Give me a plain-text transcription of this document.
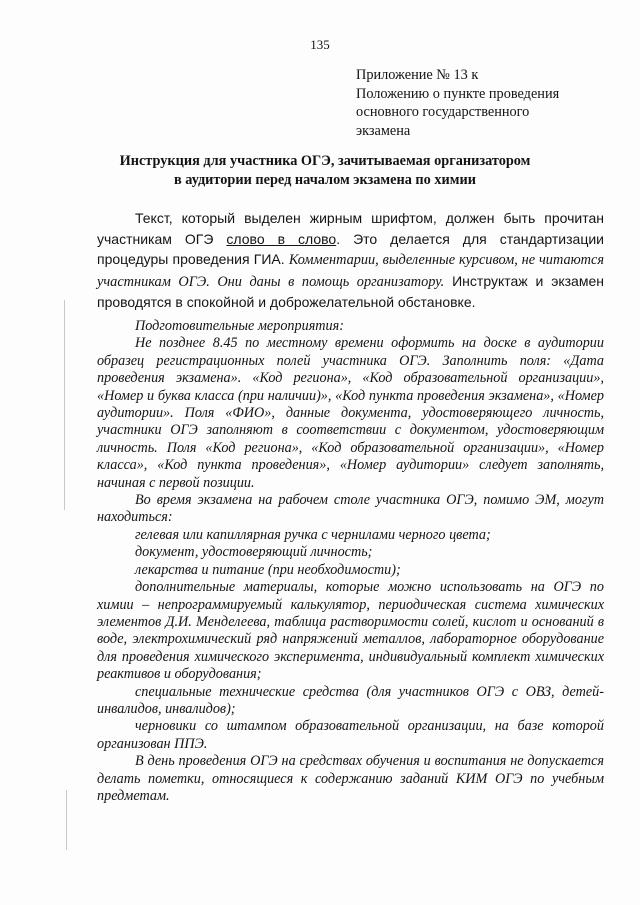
135
Приложение № 13 к
Положению о пункте проведения
основного государственного
экзамена
Инструкция для участника ОГЭ, зачитываемая организатором
в аудитории перед началом экзамена по химии
Текст, который выделен жирным шрифтом, должен быть прочитан участникам ОГЭ слово в слово. Это делается для стандартизации процедуры проведения ГИА. Комментарии, выделенные курсивом, не читаются участникам ОГЭ. Они даны в помощь организатору. Инструктаж и экзамен проводятся в спокойной и доброжелательной обстановке.

Подготовительные мероприятия:

Не позднее 8.45 по местному времени оформить на доске в аудитории образец регистрационных полей участника ОГЭ. Заполнить поля: «Дата проведения экзамена». «Код региона», «Код образовательной организации», «Номер и буква класса (при наличии)», «Код пункта проведения экзамена», «Номер аудитории». Поля «ФИО», данные документа, удостоверяющего личность, участники ОГЭ заполняют в соответствии с документом, удостоверяющим личность. Поля «Код региона», «Код образовательной организации», «Номер класса», «Код пункта проведения», «Номер аудитории» следует заполнять, начиная с первой позиции.

Во время экзамена на рабочем столе участника ОГЭ, помимо ЭМ, могут находиться:

гелевая или капиллярная ручка с чернилами черного цвета;

документ, удостоверяющий личность;

лекарства и питание (при необходимости);

дополнительные материалы, которые можно использовать на ОГЭ по химии – непрограммируемый калькулятор, периодическая система химических элементов Д.И. Менделеева, таблица растворимости солей, кислот и оснований в воде, электрохимический ряд напряжений металлов, лабораторное оборудование для проведения химического эксперимента, индивидуальный комплект химических реактивов и оборудования;

специальные технические средства (для участников ОГЭ с ОВЗ, детей-инвалидов, инвалидов);

черновики со штампом образовательной организации, на базе которой организован ППЭ.

В день проведения ОГЭ на средствах обучения и воспитания не допускается делать пометки, относящиеся к содержанию заданий КИМ ОГЭ по учебным предметам.
